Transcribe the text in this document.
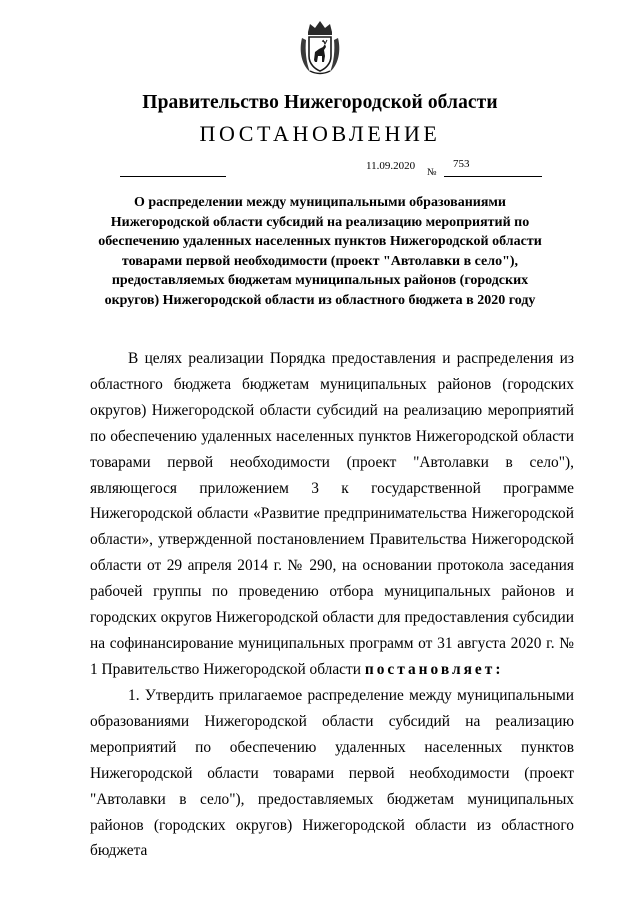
Правительство Нижегородской области
ПОСТАНОВЛЕНИЕ
11.09.2020
№
753
О распределении между муниципальными образованиями Нижегородской области субсидий на реализацию мероприятий по обеспечению удаленных населенных пунктов Нижегородской области товарами первой необходимости (проект "Автолавки в село"), предоставляемых бюджетам муниципальных районов (городских округов) Нижегородской области из областного бюджета в 2020 году
В целях реализации Порядка предоставления и распределения из областного бюджета бюджетам муниципальных районов (городских округов) Нижегородской области субсидий на реализацию мероприятий по обеспечению удаленных населенных пунктов Нижегородской области товарами первой необходимости (проект "Автолавки в село"), являющегося приложением 3 к государственной программе Нижегородской области «Развитие предпринимательства Нижегородской области», утвержденной постановлением Правительства Нижегородской области от 29 апреля 2014 г. № 290, на основании протокола заседания рабочей группы по проведению отбора муниципальных районов и городских округов Нижегородской области для предоставления субсидии на софинансирование муниципальных программ от 31 августа 2020 г. № 1 Правительство Нижегородской области постановляет:
1. Утвердить прилагаемое распределение между муниципальными образованиями Нижегородской области субсидий на реализацию мероприятий по обеспечению удаленных населенных пунктов Нижегородской области товарами первой необходимости (проект "Автолавки в село"), предоставляемых бюджетам муниципальных районов (городских округов) Нижегородской области из областного бюджета
